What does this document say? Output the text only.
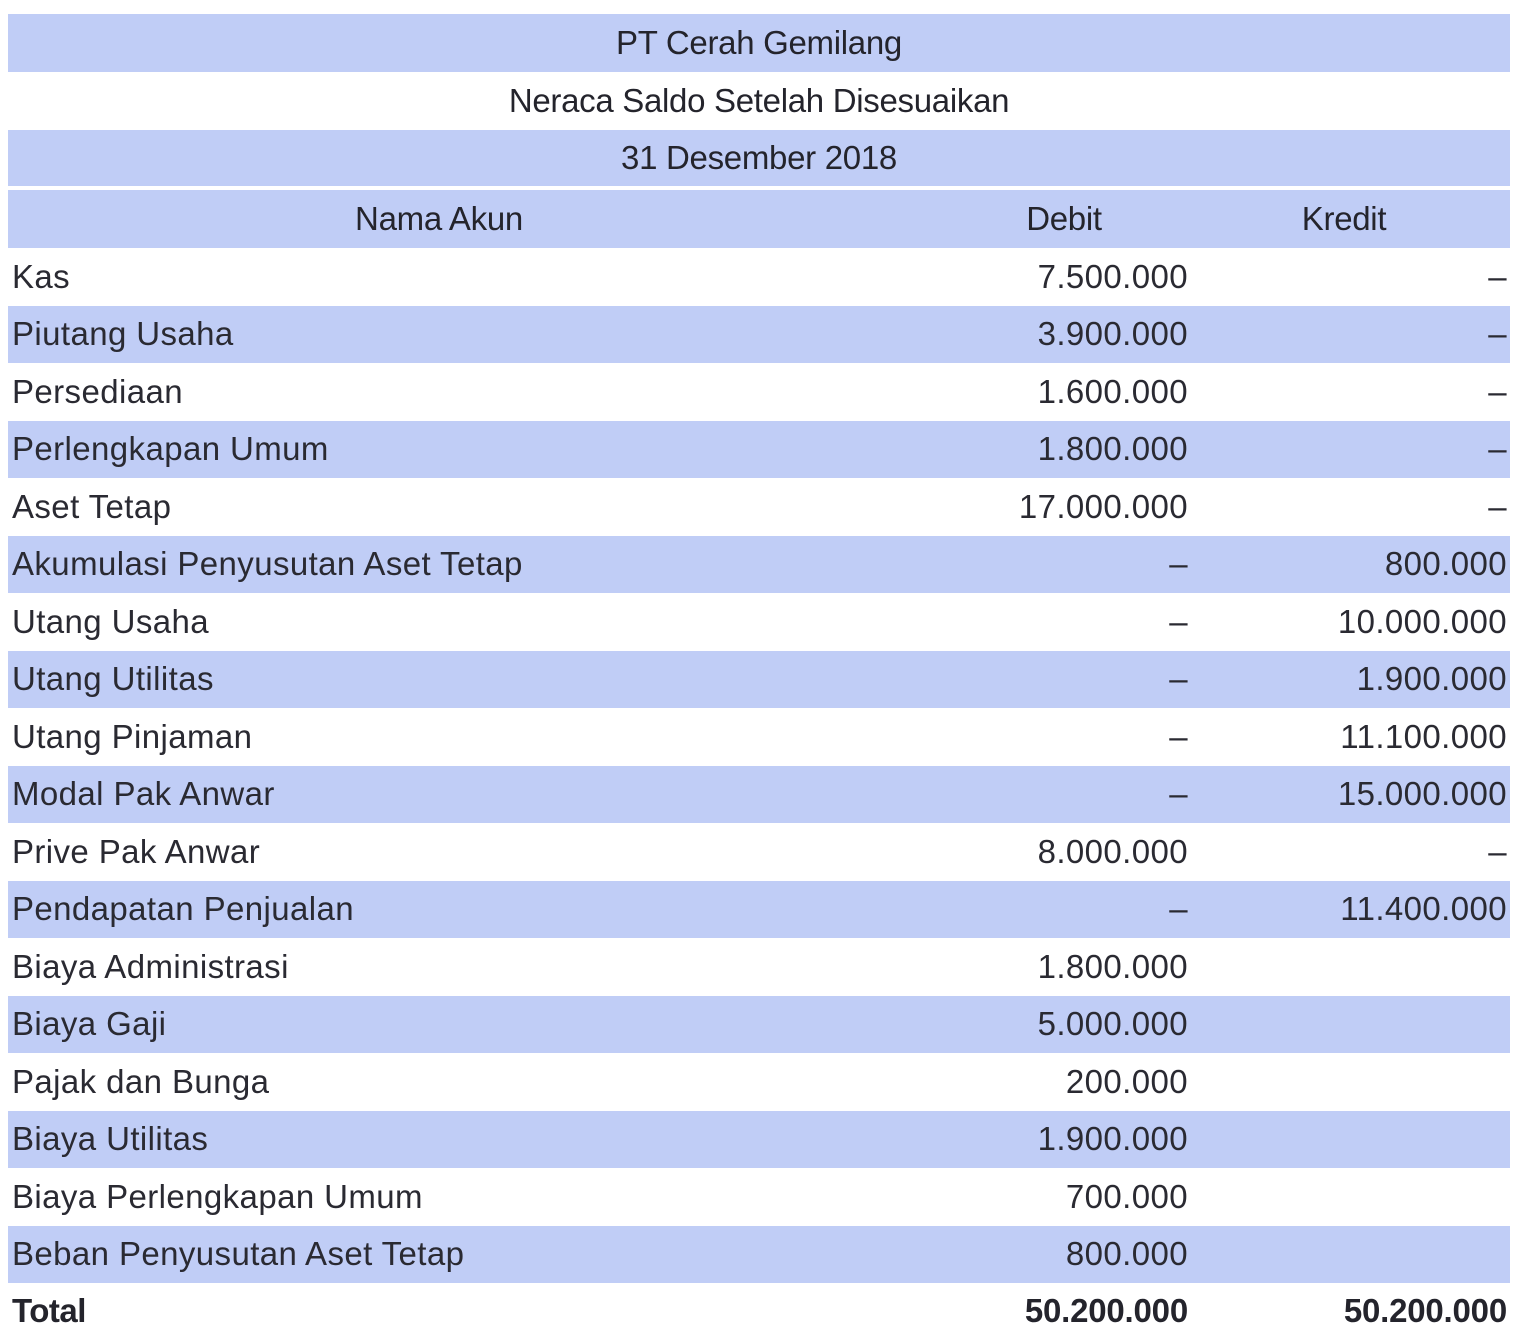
PT Cerah Gemilang
Neraca Saldo Setelah Disesuaikan
31 Desember 2018
Nama Akun	Debit	Kredit
Kas	7.500.000	–
Piutang Usaha	3.900.000	–
Persediaan	1.600.000	–
Perlengkapan Umum	1.800.000	–
Aset Tetap	17.000.000	–
Akumulasi Penyusutan Aset Tetap	–	800.000
Utang Usaha	–	10.000.000
Utang Utilitas	–	1.900.000
Utang Pinjaman	–	11.100.000
Modal Pak Anwar	–	15.000.000
Prive Pak Anwar	8.000.000	–
Pendapatan Penjualan	–	11.400.000
Biaya Administrasi	1.800.000
Biaya Gaji	5.000.000
Pajak dan Bunga	200.000
Biaya Utilitas	1.900.000
Biaya Perlengkapan Umum	700.000
Beban Penyusutan Aset Tetap	800.000
Total	50.200.000	50.200.000
